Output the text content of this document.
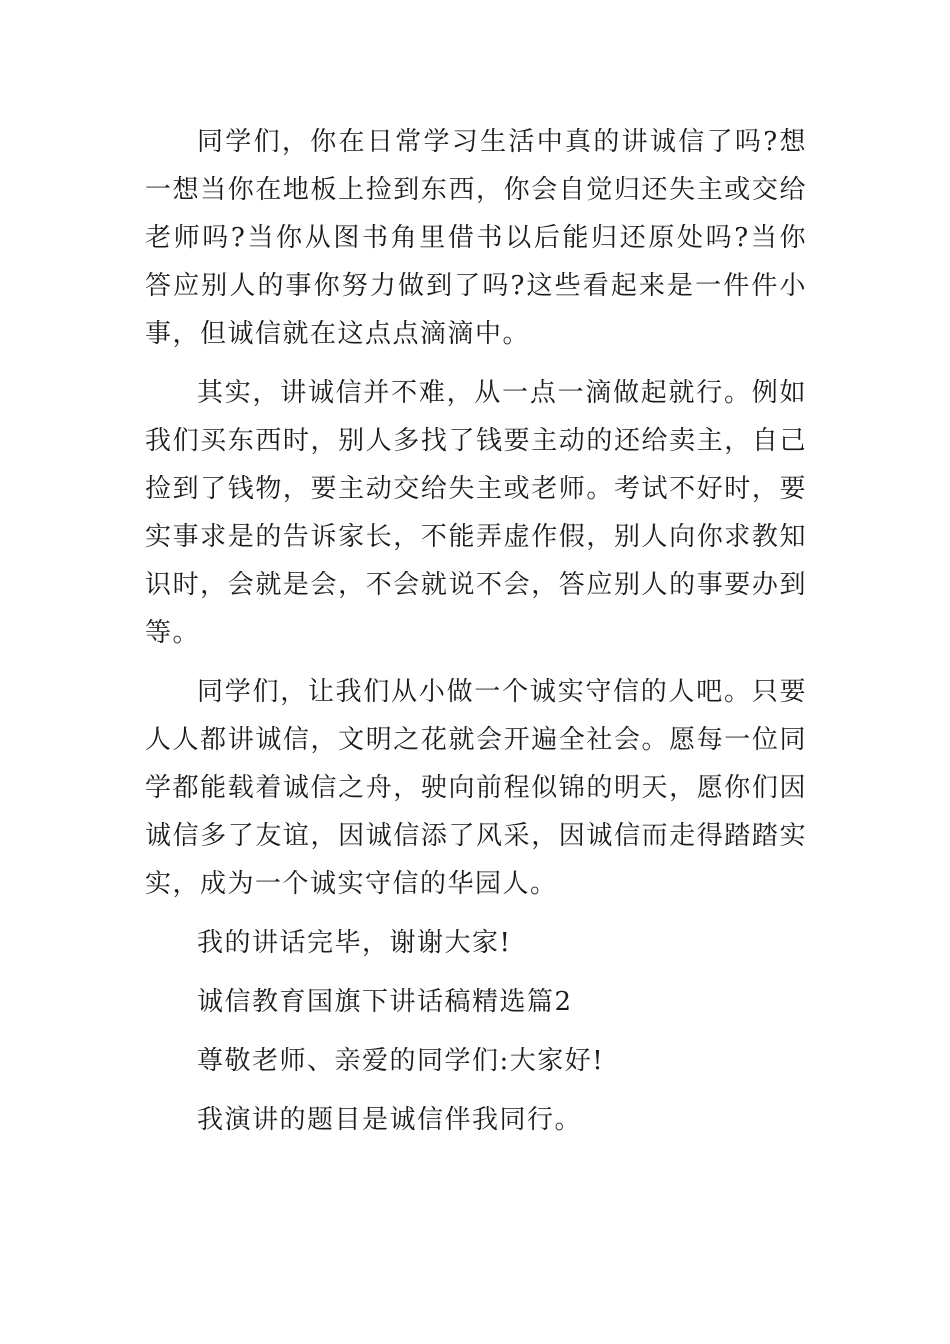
同学们，你在日常学习生活中真的讲诚信了吗?想一想当你在地板上捡到东西，你会自觉归还失主或交给老师吗?当你从图书角里借书以后能归还原处吗?当你答应别人的事你努力做到了吗?这些看起来是一件件小事，但诚信就在这点点滴滴中。

其实，讲诚信并不难，从一点一滴做起就行。例如我们买东西时，别人多找了钱要主动的还给卖主，自己捡到了钱物，要主动交给失主或老师。考试不好时，要实事求是的告诉家长，不能弄虚作假，别人向你求教知识时，会就是会，不会就说不会，答应别人的事要办到等。

同学们，让我们从小做一个诚实守信的人吧。只要人人都讲诚信，文明之花就会开遍全社会。愿每一位同学都能载着诚信之舟，驶向前程似锦的明天，愿你们因诚信多了友谊，因诚信添了风采，因诚信而走得踏踏实实，成为一个诚实守信的华园人。

我的讲话完毕，谢谢大家!

诚信教育国旗下讲话稿精选篇2

尊敬老师、亲爱的同学们:大家好!

我演讲的题目是诚信伴我同行。
